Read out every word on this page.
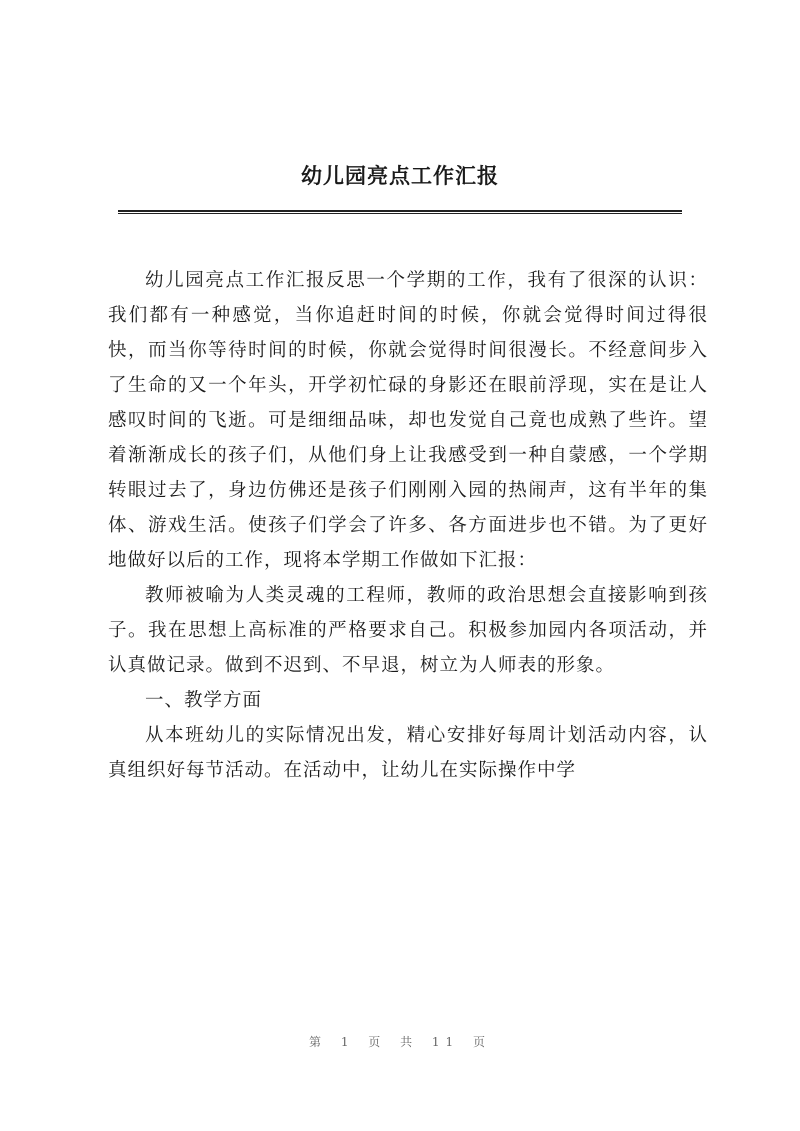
幼儿园亮点工作汇报

幼儿园亮点工作汇报反思一个学期的工作，我有了很深的认识：我们都有一种感觉，当你追赶时间的时候，你就会觉得时间过得很快，而当你等待时间的时候，你就会觉得时间很漫长。不经意间步入了生命的又一个年头，开学初忙碌的身影还在眼前浮现，实在是让人感叹时间的飞逝。可是细细品味，却也发觉自己竟也成熟了些许。望着渐渐成长的孩子们，从他们身上让我感受到一种自蒙感，一个学期转眼过去了，身边仿佛还是孩子们刚刚入园的热闹声，这有半年的集体、游戏生活。使孩子们学会了许多、各方面进步也不错。为了更好地做好以后的工作，现将本学期工作做如下汇报：

教师被喻为人类灵魂的工程师，教师的政治思想会直接影响到孩子。我在思想上高标准的严格要求自己。积极参加园内各项活动，并认真做记录。做到不迟到、不早退，树立为人师表的形象。

一、教学方面

从本班幼儿的实际情况出发，精心安排好每周计划活动内容，认真组织好每节活动。在活动中，让幼儿在实际操作中学

第 1 页 共 11 页
